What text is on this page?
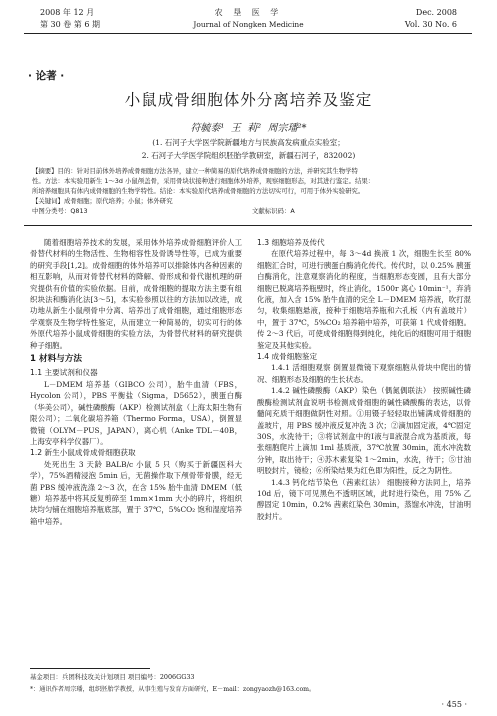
2008 年 12 月
第 30 卷 第 6 期
农 垦 医 学
Journal of Nongken Medicine
Dec. 2008
Vol. 30 No. 6
· 论著 ·
小鼠成骨细胞体外分离培养及鉴定
符毓泰¹  王  莉²  周宗璠²*
(1. 石河子大学医学院新疆地方与民族高发病重点实验室；
2. 石河子大学医学院组织胚胎学教研室，新疆石河子，832002)
【摘要】目的：针对目前体外培养成骨细胞方法各异，建立一种简易的原代培养成骨细胞的方法，并研究其生物学特
性。方法：本实验用新生 1～3d 小鼠颅盖骨，采用骨块状接种进行细胞体外培养，观察细胞形态，对其进行鉴定。结果：
所培养细胞具有体内成骨细胞的生物学特性。结论：本实验原代培养成骨细胞的方法切实可行，可用于体外实验研究。
【关键词】成骨细胞；原代培养；小鼠；体外研究
中图分类号：Q813	文献标识码：A

随着细胞培养技术的发展，采用体外培养成骨细胞评价人工骨替代材料的生物活性、生物相容性及骨诱导性等，已成为重要的研究手段[1,2]。成骨细胞的体外培养可以排除体内各种因素的相互影响，从而对骨替代材料的降解、骨形成和骨代谢机理的研究提供有价值的实验依据。目前，成骨细胞的提取方法主要有组织块法和酶消化法[3～5]，本实验参照以往的方法加以改进，成功地从新生小鼠颅骨中分离、培养出了成骨细胞，通过细胞形态学观察及生物学特性鉴定，从而建立一种简易的，切实可行的体外原代培养小鼠成骨细胞的实验方法，为骨替代材料的研究提供种子细胞。

1 材料与方法

1.1 主要试剂和仪器

L－DMEM 培养基（GIBCO 公司），胎牛血清（FBS，Hycolon 公司），PBS 平衡盐（Sigma，D5652），胰蛋白酶（华美公司），碱性磷酸酶（AKP）检测试剂盒（上海太阳生物有限公司）；二氧化碳培养箱（Thermo Forma，USA），倒置显微镜（OLYM－PUS，JAPAN），离心机（Anke TDL－40B，上海安亭科学仪器厂）。

1.2 新生小鼠成骨成骨细胞获取

处死出生 3 天龄 BALB/c 小鼠 5 只（购买于新疆医科大学），75%酒精浸泡 5min 后，无菌操作取下颅骨带骨膜，经无菌 PBS 缓冲液洗涤 2～3 次，在含 15% 胎牛血清 DMEM（低糖）培养基中将其反复剪碎至 1mm×1mm 大小的碎片，将组织块均匀铺在细胞培养瓶底部，置于 37℃，5%CO₂ 饱和湿度培养箱中培养。

1.3 细胞培养及传代

在原代培养过程中，每 3～4d 换液 1 次，细胞生长至 80% 细胞汇合时，可进行胰蛋白酶消化传代。传代时，以 0.25% 胰蛋白酶消化，注意观察消化的程度，当细胞形态变圆，且有大部分细胞已脱离培养瓶壁时，终止消化，1500r 离心 10min⁻¹，弃消化液，加入含 15% 胎牛血清的完全 L－DMEM 培养液，吹打混匀，收集细胞悬液，接种于细胞培养瓶和六孔板（内有盖玻片）中，置于 37℃，5%CO₂ 培养箱中培养，可获第 1 代成骨细胞。传 2～3 代后，可使成骨细胞得到纯化，纯化后的细胞可用于细胞鉴定及其他实验。

1.4 成骨细胞鉴定

1.4.1 活细胞观察 倒置显微镜下观察细胞从骨块中爬出的情况、细胞形态及细胞的生长状态。

1.4.2 碱性磷酸酶（AKP）染色（偶氮偶联法） 按照碱性磷酸酶检测试剂盒说明书检测成骨细胞的碱性磷酸酶的表达，以骨髓间充质干细胞做阴性对照。①用镊子轻轻取出铺满成骨细胞的盖玻片，用 PBS 缓冲液反复冲洗 3 次；②滴加固定液，4℃固定 30S，水洗待干；③将试剂盒中的Ⅰ液与Ⅱ液混合成为基质液，每张细胞爬片上滴加 1ml 基质液，37℃放置 30min，流水冲洗数分钟，取出待干；④苏木素复染 1～2min，水洗，待干；⑤甘油明胶封片，镜检；⑥所染结果为红色即为阳性，反之为阴性。

1.4.3 钙化结节染色（茜素红法） 细胞接种方法同上，培养 10d 后，镜下可见黑色不透明区域，此时进行染色，用 75% 乙醇固定 10min，0.2% 茜素红染色 30min，蒸馏水冲洗，甘油明胶封片。

基金项目：兵团科技攻关计划项目 项目编号：2006GG33
*：通讯作者周宗璠，组织胚胎学教授，从事生殖与发育方面研究，E－mail：zongyaozh@163.com。
· 455 ·
